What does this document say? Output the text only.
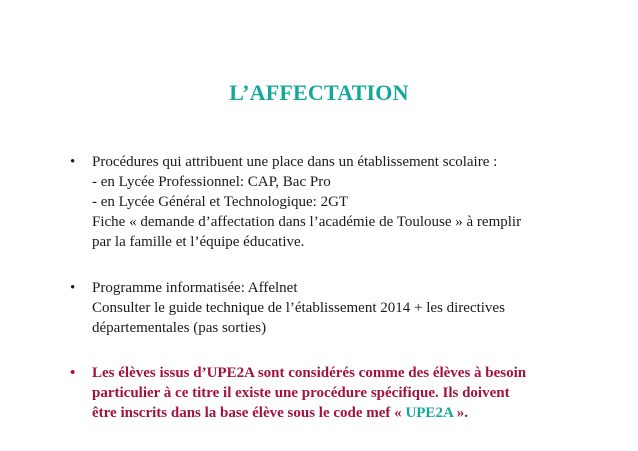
L’AFFECTATION
• Procédures qui attribuent une place dans un établissement scolaire :
- en Lycée Professionnel: CAP, Bac Pro
- en Lycée Général et Technologique: 2GT
Fiche « demande d’affectation dans l’académie de Toulouse » à remplir
par la famille et l’équipe éducative.
• Programme informatisée: Affelnet
Consulter le guide technique de l’établissement 2014 + les directives
départementales (pas sorties)
• Les élèves issus d’UPE2A sont considérés comme des élèves à besoin
particulier à ce titre il existe une procédure spécifique. Ils doivent
être inscrits dans la base élève sous le code mef « UPE2A ».
